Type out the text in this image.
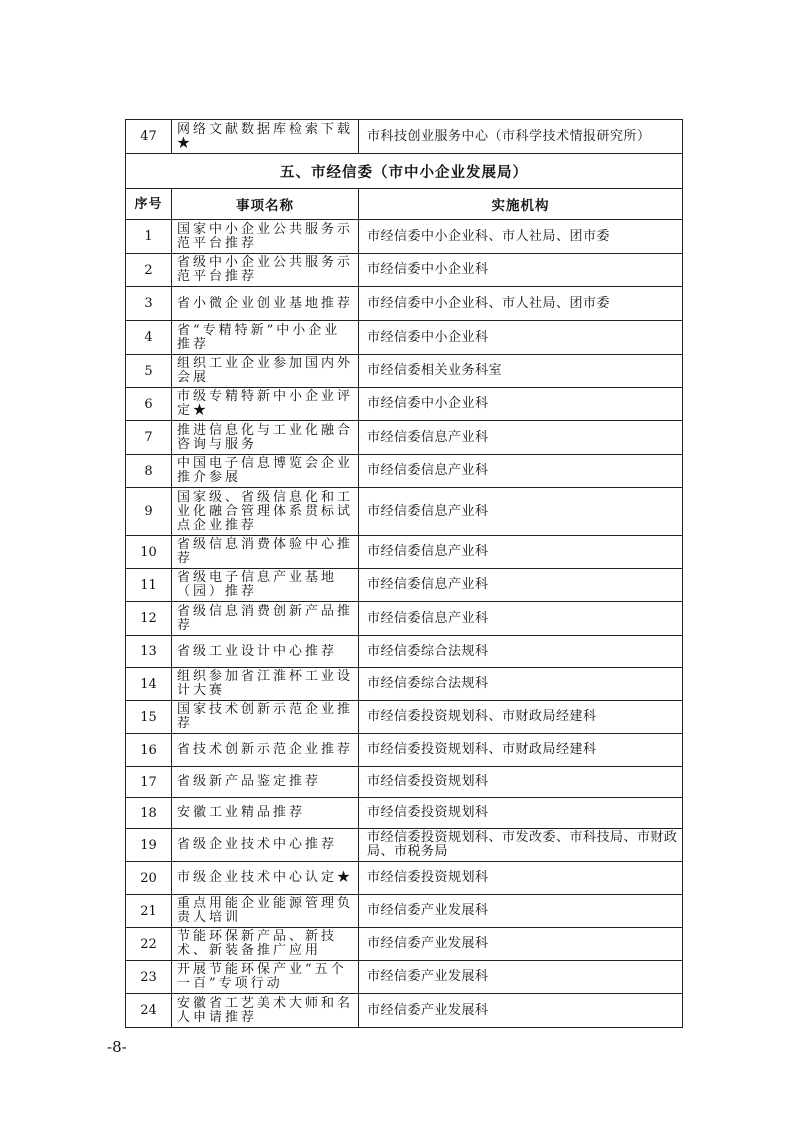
47	网络文献数据库检索下载★	市科技创业服务中心（市科学技术情报研究所）
五、市经信委（市中小企业发展局）		
序号	事项名称	实施机构
1	国家中小企业公共服务示范平台推荐	市经信委中小企业科、市人社局、团市委
2	省级中小企业公共服务示范平台推荐	市经信委中小企业科
3	省小微企业创业基地推荐	市经信委中小企业科、市人社局、团市委
4	省“专精特新”中小企业推荐	市经信委中小企业科
5	组织工业企业参加国内外会展	市经信委相关业务科室
6	市级专精特新中小企业评定★	市经信委中小企业科
7	推进信息化与工业化融合咨询与服务	市经信委信息产业科
8	中国电子信息博览会企业推介参展	市经信委信息产业科
9	国家级、省级信息化和工业化融合管理体系贯标试点企业推荐	市经信委信息产业科
10	省级信息消费体验中心推荐	市经信委信息产业科
11	省级电子信息产业基地（园）推荐	市经信委信息产业科
12	省级信息消费创新产品推荐	市经信委信息产业科
13	省级工业设计中心推荐	市经信委综合法规科
14	组织参加省江淮杯工业设计大赛	市经信委综合法规科
15	国家技术创新示范企业推荐	市经信委投资规划科、市财政局经建科
16	省技术创新示范企业推荐	市经信委投资规划科、市财政局经建科
17	省级新产品鉴定推荐	市经信委投资规划科
18	安徽工业精品推荐	市经信委投资规划科
19	省级企业技术中心推荐	市经信委投资规划科、市发改委、市科技局、市财政局、市税务局
20	市级企业技术中心认定★	市经信委投资规划科
21	重点用能企业能源管理负责人培训	市经信委产业发展科
22	节能环保新产品、新技术、新装备推广应用	市经信委产业发展科
23	开展节能环保产业“五个一百”专项行动	市经信委产业发展科
24	安徽省工艺美术大师和名人申请推荐	市经信委产业发展科
-8-
